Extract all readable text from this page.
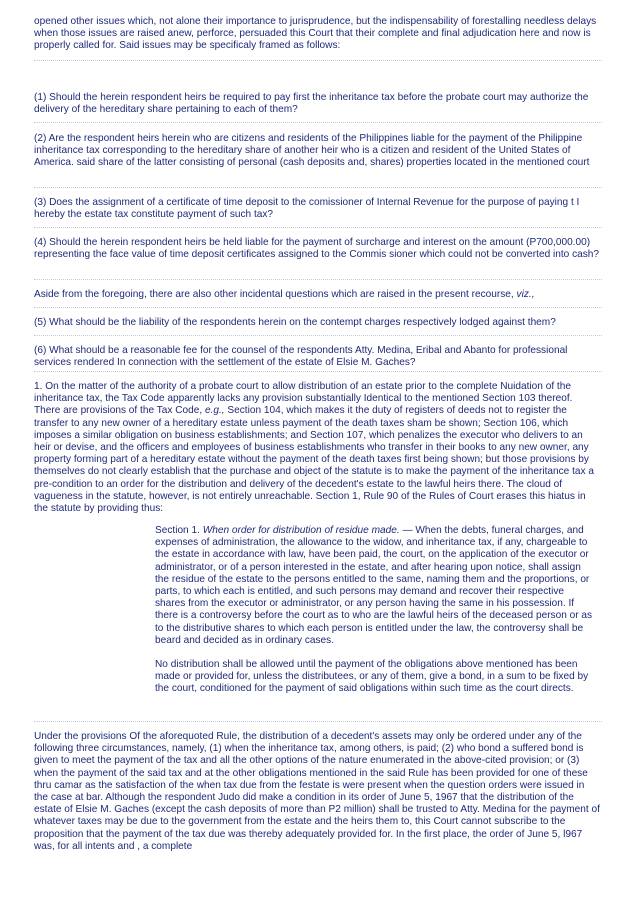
opened other issues which, not alone their importance to jurisprudence, but the indispensability of forestalling needless delays when those issues are raised anew, perforce, persuaded this Court that their complete and final adjudication here and now is properly called for. Said issues may be specificaly framed as follows:

(1) Should the herein respondent heirs be required to pay first the inheritance tax before the probate court may authorize the delivery of the hereditary share pertaining to each of them?

(2) Are the respondent heirs herein who are citizens and residents of the Philippines liable for the payment of the Philippine inheritance tax corresponding to the hereditary share of another heir who is a citizen and resident of the United States of America. said share of the latter consisting of personal (cash deposits and, shares) properties located in the mentioned court

(3) Does the assignment of a certificate of time deposit to the comissioner of Internal Revenue for the purpose of paying t I hereby the estate tax constitute payment of such tax?

(4) Should the herein respondent heirs be held liable for the payment of surcharge and interest on the amount (P700,000.00) representing the face value of time deposit certificates assigned to the Commis sioner which could not be converted into cash?

Aside from the foregoing, there are also other incidental questions which are raised in the present recourse, viz.,

(5) What should be the liability of the respondents herein on the contempt charges respectively lodged against them?

(6) What should be a reasonable fee for the counsel of the respondents Atty. Medina, Eribal and Abanto for professional services rendered In connection with the settlement of the estate of Elsie M. Gaches?

1. On the matter of the authority of a probate court to allow distribution of an estate prior to the complete Nuidation of the inheritance tax, the Tax Code apparently lacks any provision substantially Identical to the mentioned Section 103 thereof. There are provisions of the Tax Code, e.g., Section 104, which makes it the duty of registers of deeds not to register the transfer to any new owner of a hereditary estate unless payment of the death taxes sham be shown; Section 106, which imposes a similar obligation on business establishments; and Section 107, which penalizes the executor who delivers to an heir or devise, and the officers and employees of business establishments who transfer in their books to any new owner, any property forming part of a hereditary estate without the payment of the death taxes first being shown; but those provisions by themselves do not clearly establish that the purchase and object of the statute is to make the payment of the inheritance tax a pre-condition to an order for the distribution and delivery of the decedent's estate to the lawful heirs there. The cloud of vagueness in the statute, however, is not entirely unreachable. Section 1, Rule 90 of the Rules of Court erases this hiatus in the statute by providing thus:

Section 1. When order for distribution of residue made. — When the debts, funeral charges, and expenses of administration, the allowance to the widow, and inheritance tax, if any, chargeable to the estate in accordance with law, have been paid, the court, on the application of the executor or administrator, or of a person interested in the estate, and after hearing upon notice, shall assign the residue of the estate to the persons entitled to the same, naming them and the proportions, or parts, to which each is entitled, and such persons may demand and recover their respective shares from the executor or administrator, or any person having the same in his possession. If there is a controversy before the court as to who are the lawful heirs of the deceased person or as to the distributive shares to which each person is entitled under the law, the controversy shall be beard and decided as in ordinary cases.

No distribution shall be allowed until the payment of the obligations above mentioned has been made or provided for, unless the distributees, or any of them, give a bond, in a sum to be fixed by the court, conditioned for the payment of said obligations within such time as the court directs.

Under the provisions Of the aforequoted Rule, the distribution of a decedent's assets may only be ordered under any of the following three circumstances, namely, (1) when the inheritance tax, among others, is paid; (2) who bond a suffered bond is given to meet the payment of the tax and all the other options of the nature enumerated in the above-cited provision; or (3) when the payment of the said tax and at the other obligations mentioned in the said Rule has been provided for one of these thru camar as the satisfaction of the when tax due from the festate is were present when the question orders were issued in the case at bar. Although the respondent Judo did make a condition in its order of June 5, 1967 that the distribution of the estate of Elsie M. Gaches (except the cash deposits of more than P2 million) shall be trusted to Atty. Medina for the payment of whatever taxes may be due to the government from the estate and the heirs them to, this Court cannot subscribe to the proposition that the payment of the tax due was thereby adequately provided for. In the first place, the order of June 5, l967 was, for all intents and , a complete
